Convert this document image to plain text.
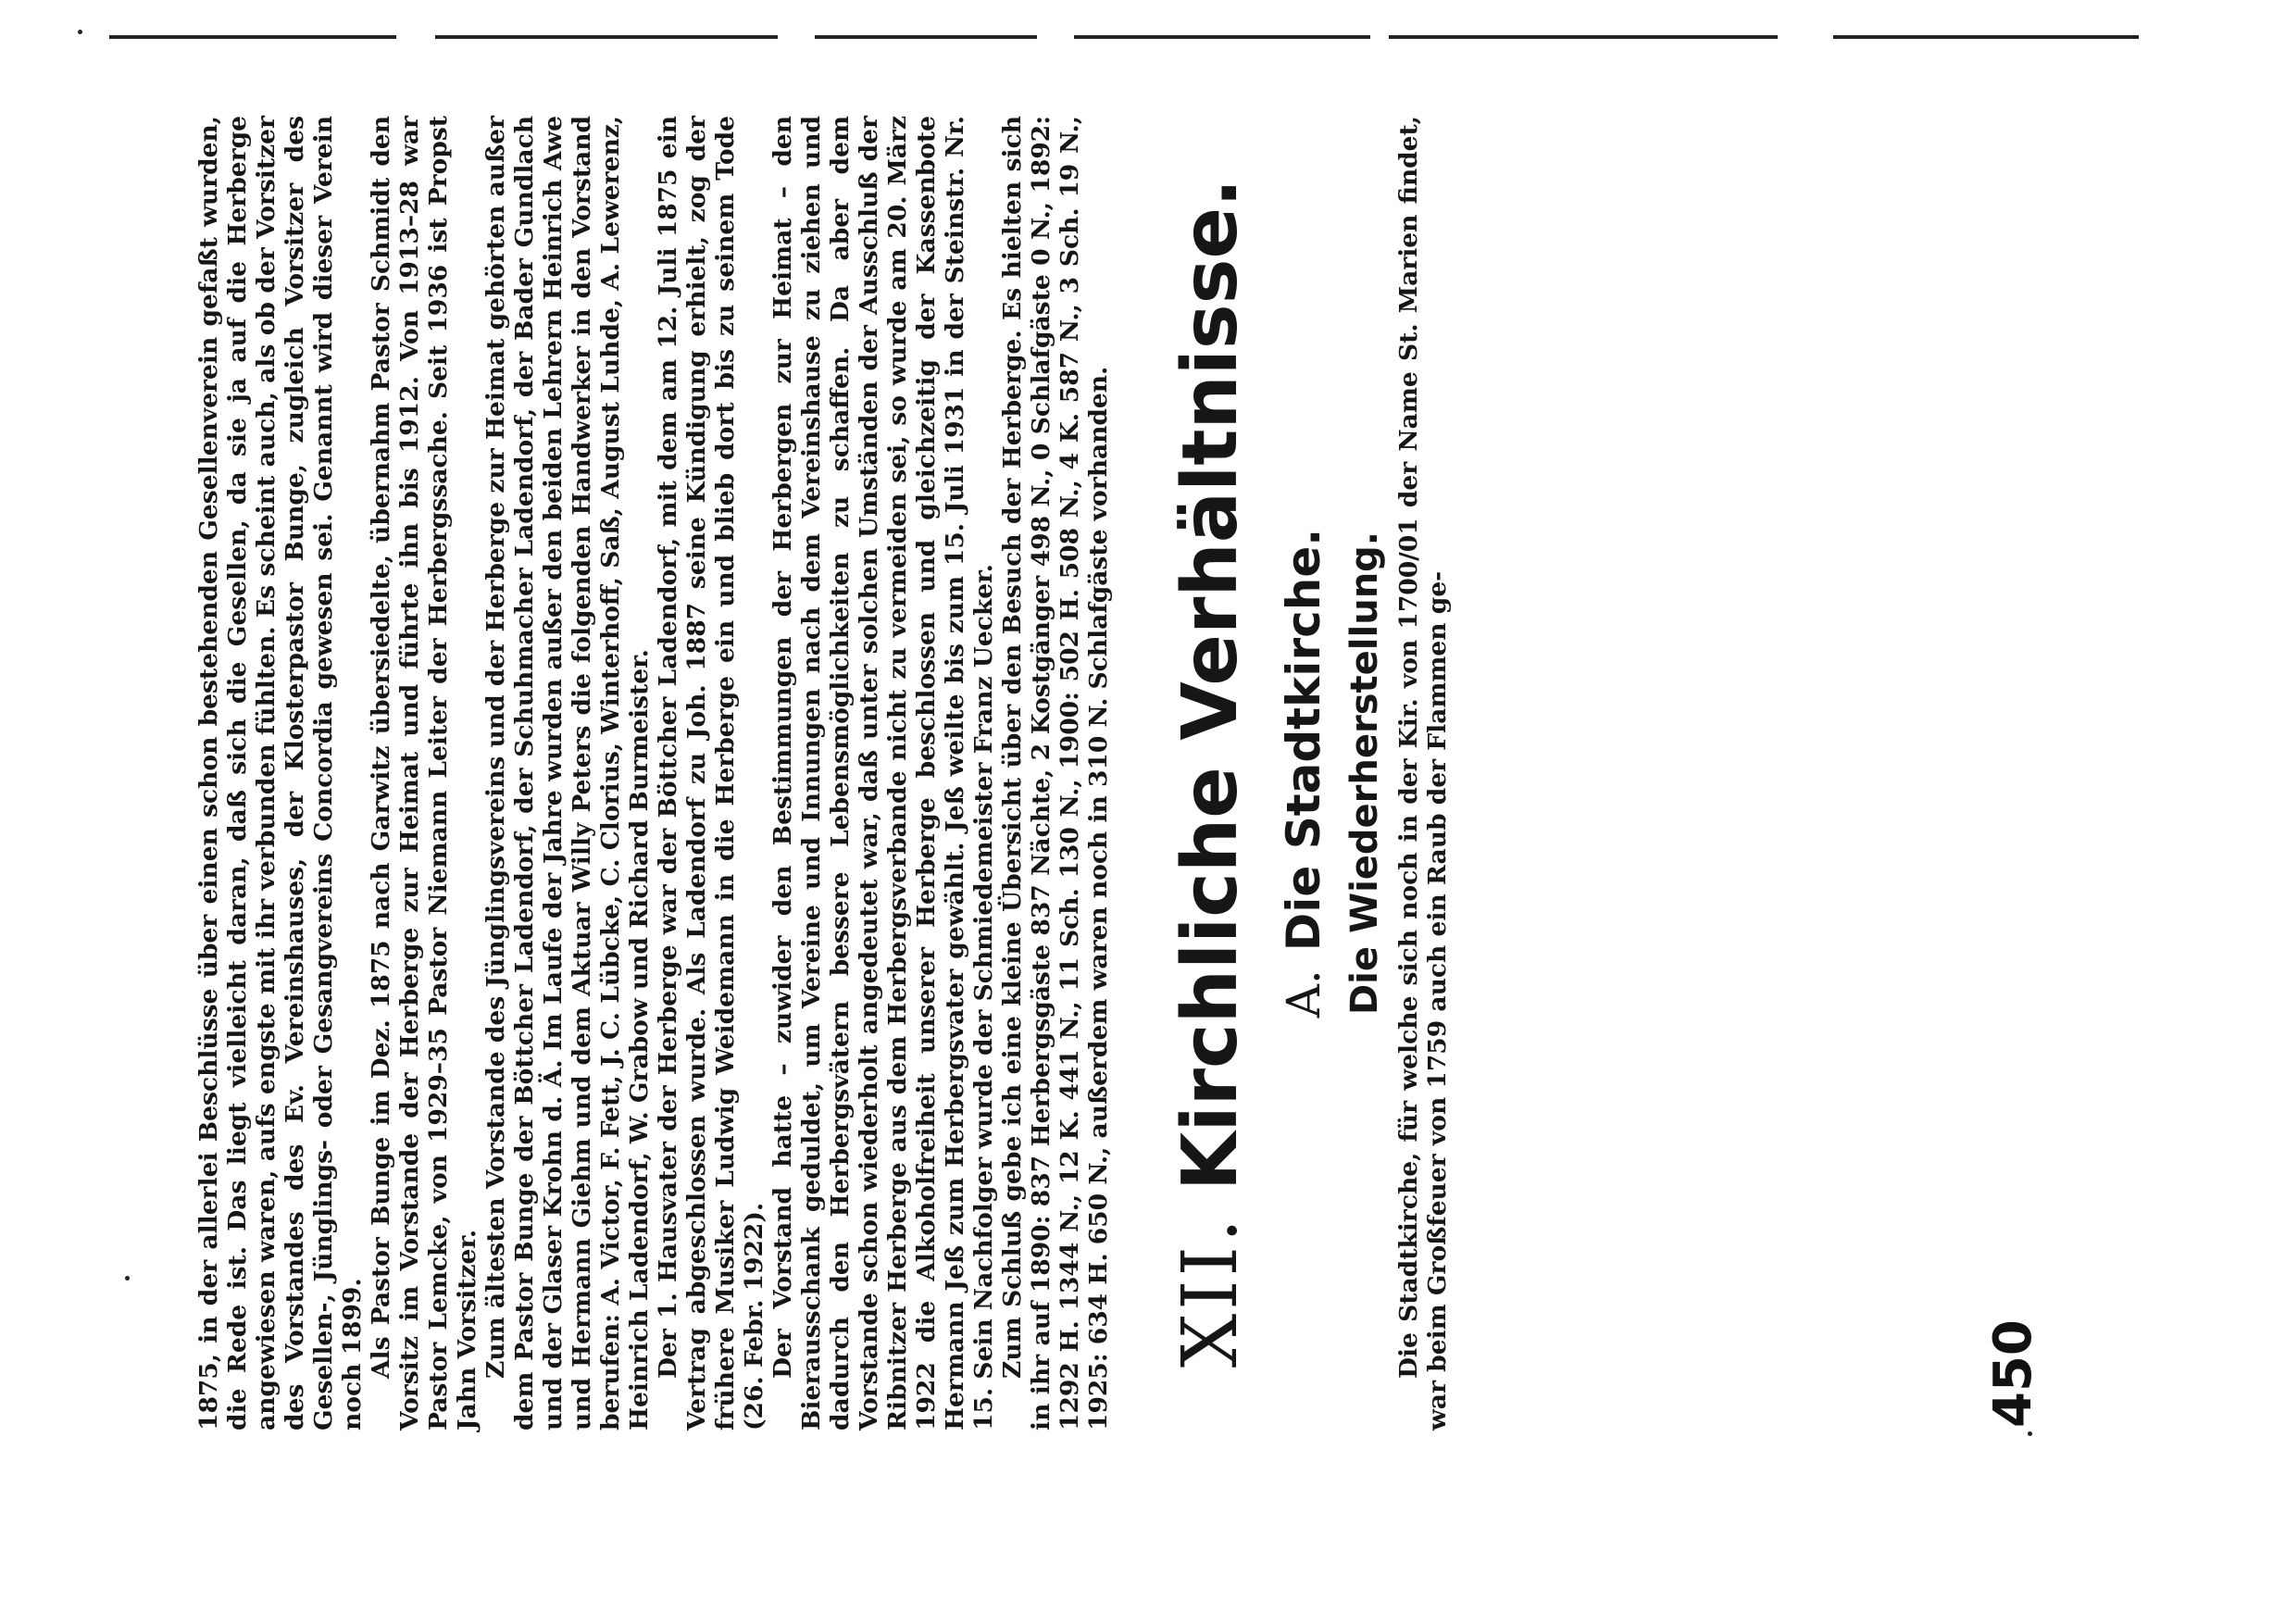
1875, in der allerlei Beschlüsse über einen schon bestehenden Gesellenverein gefaßt wurden, die Rede ist. Das liegt vielleicht daran, daß sich die Gesellen, da sie ja auf die Herberge angewiesen waren, aufs engste mit ihr verbunden fühlten. Es scheint auch, als ob der Vorsitzer des Vorstandes des Ev. Vereinshauses, der Klosterpastor Bunge, zugleich Vorsitzer des Gesellen-, Jünglings- oder Gesangvereins Concordia gewesen sei. Genannt wird dieser Verein noch 1899. Als Pastor Bunge im Dez. 1875 nach Garwitz übersiedelte, übernahm Pastor Schmidt den Vorsitz im Vorstande der Herberge zur Heimat und führte ihn bis 1912. Von 1913–28 war Pastor Lemcke, von 1929–35 Pastor Niemann Leiter der Herbergssache. Seit 1936 ist Propst Jahn Vorsitzer. Zum ältesten Vorstande des Jünglingsvereins und der Herberge zur Heimat gehörten außer dem Pastor Bunge der Böttcher Ladendorf, der Schuhmacher Ladendorf, der Bader Gundlach und der Glaser Krohn d. Ä. Im Laufe der Jahre wurden außer den beiden Lehrern Heinrich Awe und Hermann Giehm und dem Aktuar Willy Peters die folgenden Handwerker in den Vorstand berufen: A. Victor, F. Fett, J. C. Lübcke, C. Clorius, Winterhoff, Saß, August Luhde, A. Lewerenz, Heinrich Ladendorf, W. Grabow und Richard Burmeister. Der 1. Hausvater der Herberge war der Böttcher Ladendorf, mit dem am 12. Juli 1875 ein Vertrag abgeschlossen wurde. Als Ladendorf zu Joh. 1887 seine Kündigung erhielt, zog der frühere Musiker Ludwig Weidemann in die Herberge ein und blieb dort bis zu seinem Tode (26. Febr. 1922). Der Vorstand hatte – zuwider den Bestimmungen der Herbergen zur Heimat – den Bierausschank geduldet, um Vereine und Innungen nach dem Vereinshause zu ziehen und dadurch den Herbergsvätern bessere Lebensmöglichkeiten zu schaffen. Da aber dem Vorstande schon wiederholt angedeutet war, daß unter solchen Umständen der Ausschluß der Ribnitzer Herberge aus dem Herbergsverbande nicht zu vermeiden sei, so wurde am 20. März 1922 die Alkoholfreiheit unserer Herberge beschlossen und gleichzeitig der Kassenbote Hermann Jeß zum Herbergsvater gewählt. Jeß weilte bis zum 15. Juli 1931 in der Steinstr. Nr. 15. Sein Nachfolger wurde der Schmiedemeister Franz Uecker. Zum Schluß gebe ich eine kleine Übersicht über den Besuch der Herberge. Es hielten sich in ihr auf 1890: 837 Herbergsgäste 837 Nächte, 2 Kostgänger 498 N., 0 Schlafgäste 0 N., 1892: 1292 H. 1344 N., 12 K. 441 N., 11 Sch. 130 N., 1900: 502 H. 508 N., 4 K. 587 N., 3 Sch. 19 N., 1925: 634 H. 650 N., außerdem waren noch in 310 N. Schlafgäste vorhanden. XII.Kirchliche Verhältnisse. A.Die Stadtkirche. Die Wiederherstellung. Die Stadtkirche, für welche sich noch in der Kir. von 1700/01 der Name St. Marien findet, war beim Großfeuer von 1759 auch ein Raub der Flammen ge-	450
